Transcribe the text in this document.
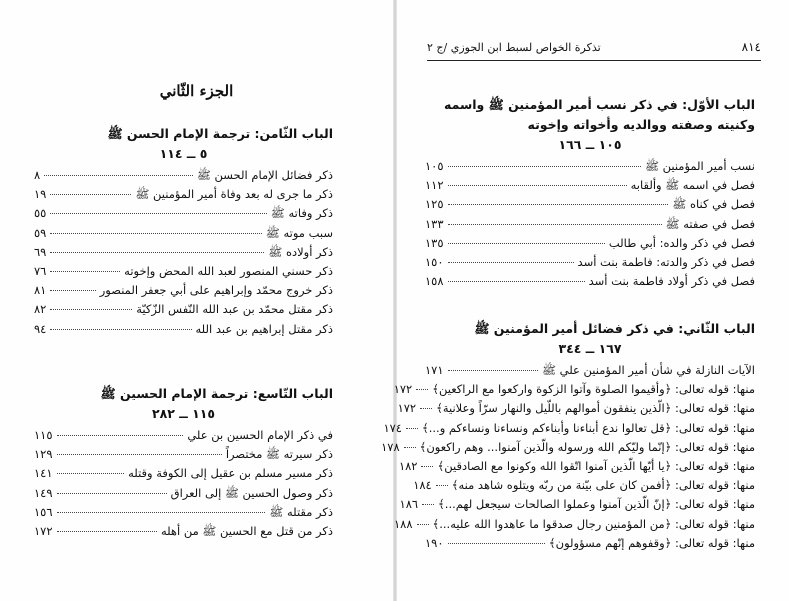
الجزء الثّاني
الباب الثّامن: ترجمة الإمام الحسن ﷺ
٥ ــ ١١٤
ذكر فضائل الإمام الحسن ﷺ
٨
ذكر ما جرى له بعد وفاة أمير المؤمنين ﷺ
١٩
ذكر وفاته ﷺ
٥٥
سبب موته ﷺ
٥٩
ذكر أولاده ﷺ
٦٩
ذكر حسني المنصور لعبد الله المحض وإخوته
٧٦
ذكر خروج محمّد وإبراهيم على أبي جعفر المنصور
٨١
ذكر مقتل محمّد بن عبد الله النّفس الزّكيّة
٨٢
ذكر مقتل إبراهيم بن عبد الله
٩٤
الباب التّاسع: ترجمة الإمام الحسين ﷺ
١١٥ ــ ٢٨٢
في ذكر الإمام الحسين بن علي
١١٥
ذكر سيرته ﷺ مختصراً
١٢٩
ذكر مسير مسلم بن عقيل إلى الكوفة وقتله
١٤١
ذكر وصول الحسين ﷺ إلى العراق
١٤٩
ذكر مقتله ﷺ
١٥٦
ذكر من قتل مع الحسين ﷺ من أهله
١٧٢
٨١٤
تذكرة الخواص لسبط ابن الجوزي /ج ٢
الباب الأوّل: في ذكر نسب أمير المؤمنين ﷺ واسمه وكنيته وصفته ووالديه وأخواته وإخوته
١٠٥ ــ ١٦٦
نسب أمير المؤمنين ﷺ
١٠٥
فصل في اسمه ﷺ وألقابه
١١٢
فصل في كناه ﷺ
١٢٥
فصل في صفته ﷺ
١٣٣
فصل في ذكر والده: أبي طالب
١٣٥
فصل في ذكر والدته: فاطمة بنت أسد
١٥٠
فصل في ذكر أولاد فاطمة بنت أسد
١٥٨
الباب الثّاني: في ذكر فضائل أمير المؤمنين ﷺ
١٦٧ ــ ٣٤٤
الآيات النازلة في شأن أمير المؤمنين علي ﷺ
١٧١
منها: قوله تعالى: ﴿وأقيموا الصلوة وآتوا الزكوة واركعوا مع الراكعين﴾
١٧٢
منها: قوله تعالى: ﴿الّذين ينفقون أموالهم باللّيل والنهار سرّاً وعلانية﴾
١٧٢
منها: قوله تعالى: ﴿قل تعالوا ندع أبناءنا وأبناءكم ونساءنا ونساءكم و...﴾
١٧٤
منها: قوله تعالى: ﴿إنّما وليّكم الله ورسوله والّذين آمنوا... وهم راكعون﴾
١٧٨
منها: قوله تعالى: ﴿يا أيّها الّذين آمنوا اتّقوا الله وكونوا مع الصادقين﴾
١٨٢
منها: قوله تعالى: ﴿أفمن كان على بيّنة من ربّه ويتلوه شاهد منه﴾
١٨٤
منها: قوله تعالى: ﴿إنّ الّذين آمنوا وعملوا الصالحات سيجعل لهم...﴾
١٨٦
منها: قوله تعالى: ﴿من المؤمنين رجال صدقوا ما عاهدوا الله عليه...﴾
١٨٨
منها: قوله تعالى: ﴿وقفوهم إنّهم مسؤولون﴾
١٩٠
